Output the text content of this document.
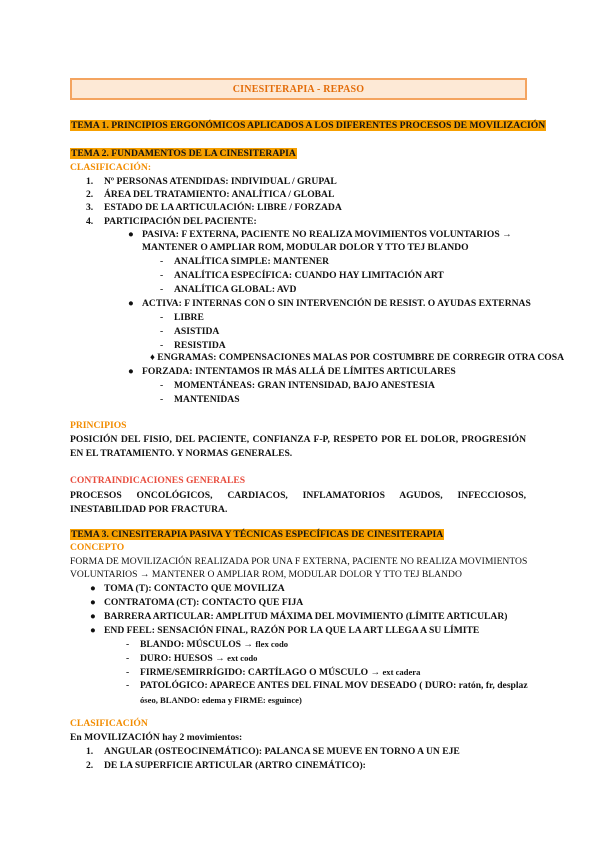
CINESITERAPIA - REPASO
TEMA 1. PRINCIPIOS ERGONÓMICOS APLICADOS A LOS DIFERENTES PROCESOS DE MOVILIZACIÓN
TEMA 2. FUNDAMENTOS DE LA CINESITERAPIA
CLASIFICACIÓN:
1. Nº PERSONAS ATENDIDAS: INDIVIDUAL / GRUPAL
2. ÁREA DEL TRATAMIENTO: ANALÍTICA / GLOBAL
3. ESTADO DE LA ARTICULACIÓN: LIBRE / FORZADA
4. PARTICIPACIÓN DEL PACIENTE:
● PASIVA: F EXTERNA, PACIENTE NO REALIZA MOVIMIENTOS VOLUNTARIOS →
MANTENER O AMPLIAR ROM, MODULAR DOLOR Y TTO TEJ BLANDO
- ANALÍTICA SIMPLE: MANTENER
- ANALÍTICA ESPECÍFICA: CUANDO HAY LIMITACIÓN ART
- ANALÍTICA GLOBAL: AVD
● ACTIVA: F INTERNAS CON O SIN INTERVENCIÓN DE RESIST. O AYUDAS EXTERNAS
- LIBRE
- ASISTIDA
- RESISTIDA
♦ ENGRAMAS: COMPENSACIONES MALAS POR COSTUMBRE DE CORREGIR OTRA COSA
● FORZADA: INTENTAMOS IR MÁS ALLÁ DE LÍMITES ARTICULARES
- MOMENTÁNEAS: GRAN INTENSIDAD, BAJO ANESTESIA
- MANTENIDAS
PRINCIPIOS
POSICIÓN DEL FISIO, DEL PACIENTE, CONFIANZA F-P, RESPETO POR EL DOLOR, PROGRESIÓN EN EL TRATAMIENTO. Y NORMAS GENERALES.
CONTRAINDICACIONES GENERALES
PROCESOS ONCOLÓGICOS, CARDIACOS, INFLAMATORIOS AGUDOS, INFECCIOSOS, INESTABILIDAD POR FRACTURA.
TEMA 3. CINESITERAPIA PASIVA Y TÉCNICAS ESPECÍFICAS DE CINESITERAPIA
CONCEPTO
FORMA DE MOVILIZACIÓN REALIZADA POR UNA F EXTERNA, PACIENTE NO REALIZA MOVIMIENTOS
VOLUNTARIOS → MANTENER O AMPLIAR ROM, MODULAR DOLOR Y TTO TEJ BLANDO
● TOMA (T): CONTACTO QUE MOVILIZA
● CONTRATOMA (CT): CONTACTO QUE FIJA
● BARRERA ARTICULAR: AMPLITUD MÁXIMA DEL MOVIMIENTO (LÍMITE ARTICULAR)
● END FEEL: SENSACIÓN FINAL, RAZÓN POR LA QUE LA ART LLEGA A SU LÍMITE
- BLANDO: MÚSCULOS → flex codo
- DURO: HUESOS → ext codo
- FIRME/SEMIRRÍGIDO: CARTÍLAGO O MÚSCULO → ext cadera
- PATOLÓGICO: APARECE ANTES DEL FINAL MOV DESEADO ( DURO: ratón, fr, desplaz
óseo, BLANDO: edema y FIRME: esguince)
CLASIFICACIÓN
En MOVILIZACIÓN hay 2 movimientos:
1. ANGULAR (OSTEOCINEMÁTICO): PALANCA SE MUEVE EN TORNO A UN EJE
2. DE LA SUPERFICIE ARTICULAR (ARTRO CINEMÁTICO):
